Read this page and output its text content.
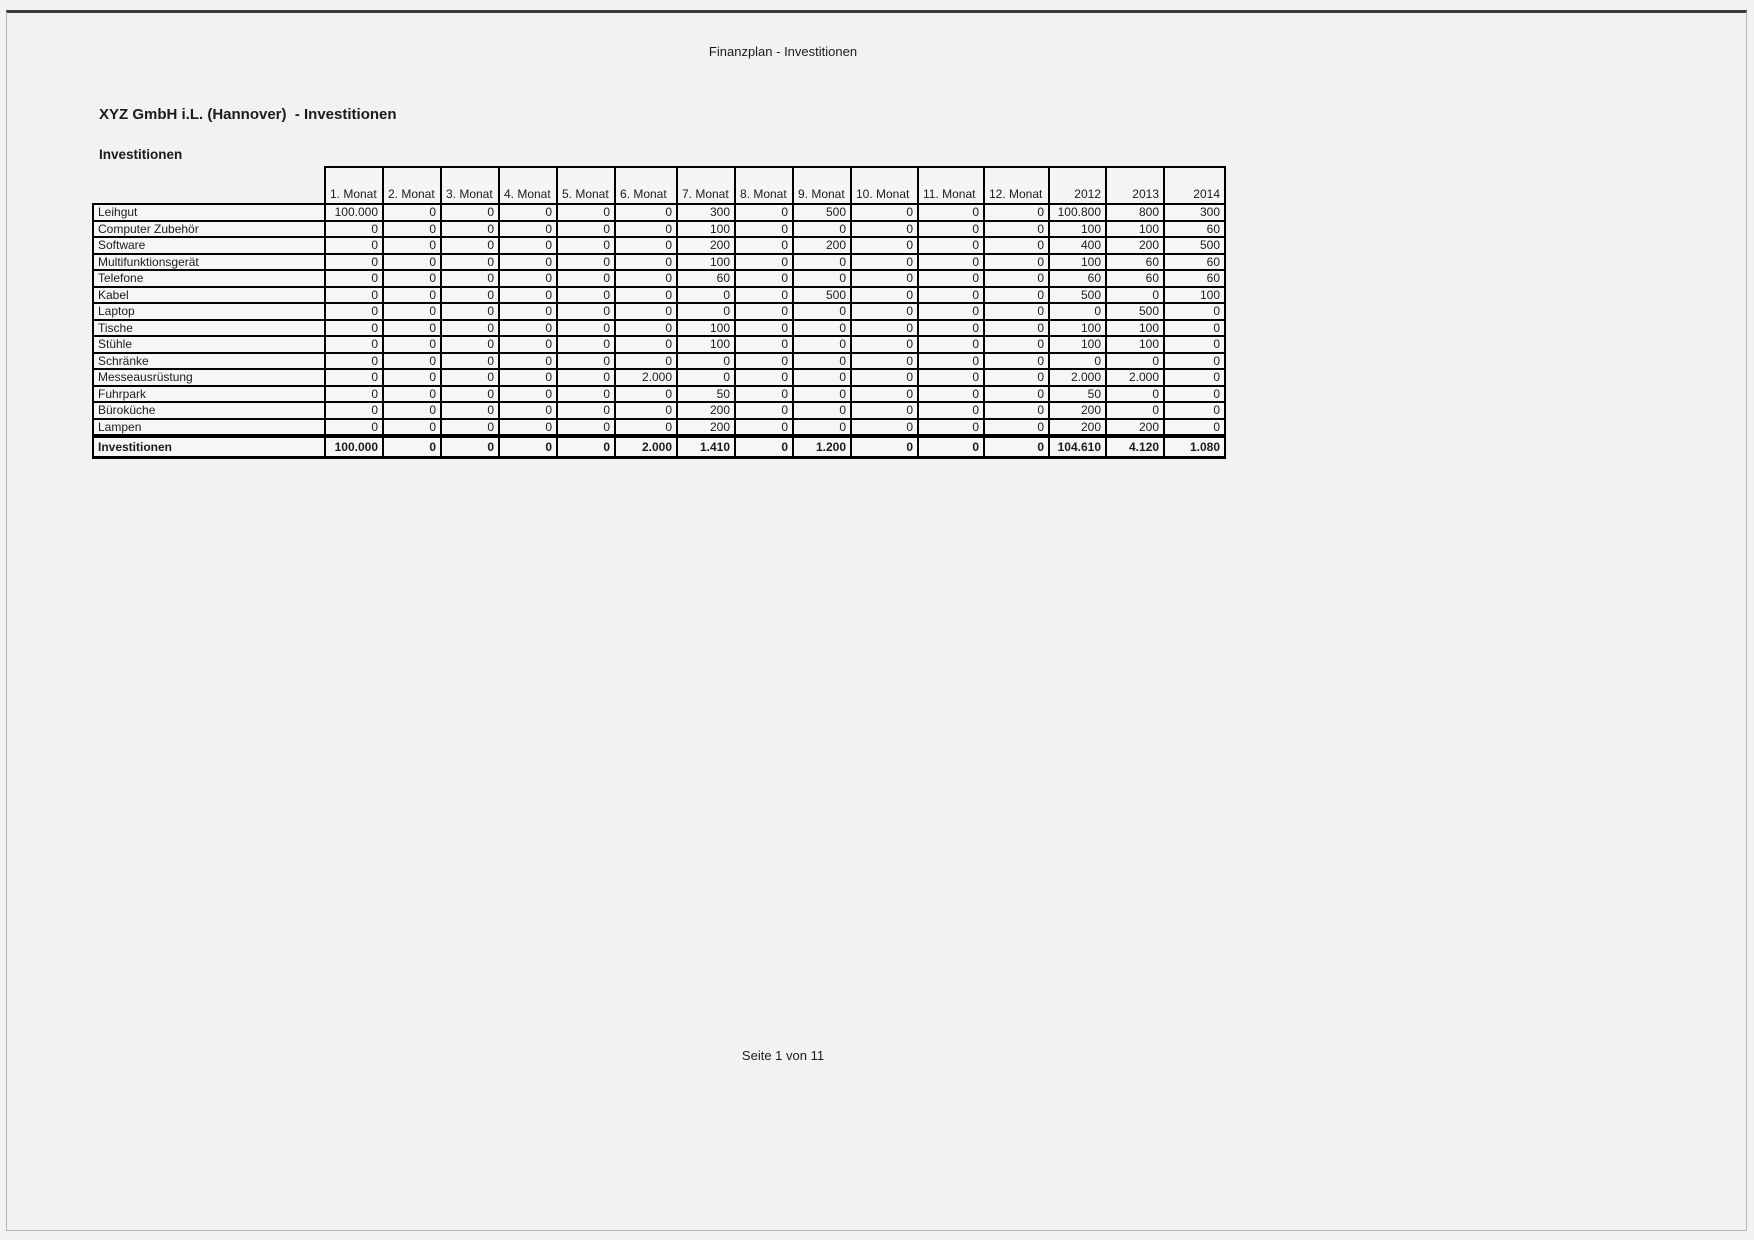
Finanzplan - Investitionen
XYZ GmbH i.L. (Hannover)  - Investitionen
Investitionen
	1. Monat	2. Monat	3. Monat	4. Monat	5. Monat	6. Monat	7. Monat	8. Monat	9. Monat	10. Monat	11. Monat	12. Monat	2012	2013	2014
Leihgut	100.000	0	0	0	0	0	300	0	500	0	0	0	100.800	800	300
Computer Zubehör	0	0	0	0	0	0	100	0	0	0	0	0	100	100	60
Software	0	0	0	0	0	0	200	0	200	0	0	0	400	200	500
Multifunktionsgerät	0	0	0	0	0	0	100	0	0	0	0	0	100	60	60
Telefone	0	0	0	0	0	0	60	0	0	0	0	0	60	60	60
Kabel	0	0	0	0	0	0	0	0	500	0	0	0	500	0	100
Laptop	0	0	0	0	0	0	0	0	0	0	0	0	0	500	0
Tische	0	0	0	0	0	0	100	0	0	0	0	0	100	100	0
Stühle	0	0	0	0	0	0	100	0	0	0	0	0	100	100	0
Schränke	0	0	0	0	0	0	0	0	0	0	0	0	0	0	0
Messeausrüstung	0	0	0	0	0	2.000	0	0	0	0	0	0	2.000	2.000	0
Fuhrpark	0	0	0	0	0	0	50	0	0	0	0	0	50	0	0
Büroküche	0	0	0	0	0	0	200	0	0	0	0	0	200	0	0
Lampen	0	0	0	0	0	0	200	0	0	0	0	0	200	200	0
Investitionen	100.000	0	0	0	0	2.000	1.410	0	1.200	0	0	0	104.610	4.120	1.080
Seite 1 von 11
